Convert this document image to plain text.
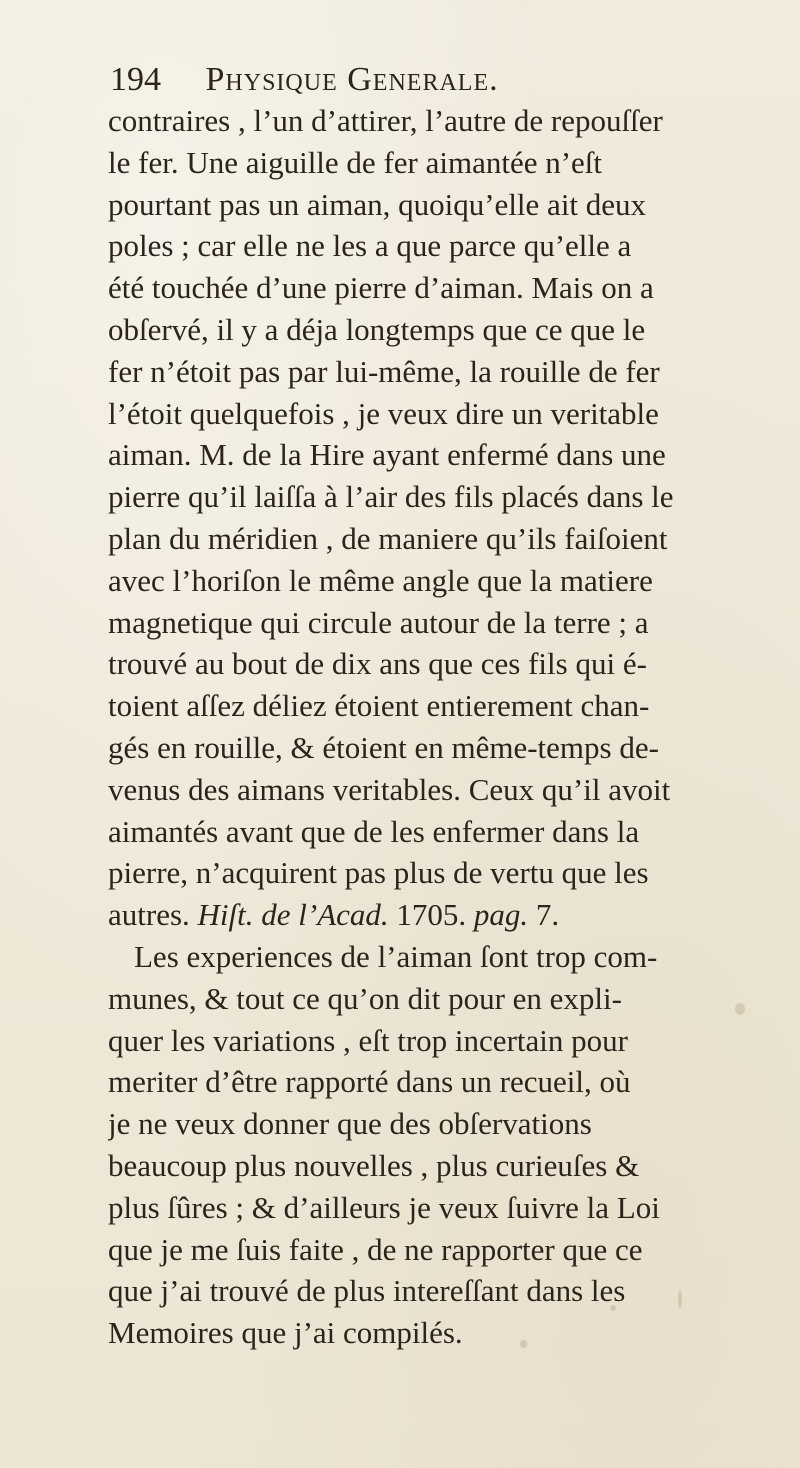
194 Physique Generale.
contraires , l’un d’attirer, l’autre de repouſſer
le fer. Une aiguille de fer aimantée n’eſt
pourtant pas un aiman, quoiqu’elle ait deux
poles ; car elle ne les a que parce qu’elle a
été touchée d’une pierre d’aiman. Mais on a
obſervé, il y a déja longtemps que ce que le
fer n’étoit pas par lui-même, la rouille de fer
l’étoit quelquefois , je veux dire un veritable
aiman. M. de la Hire ayant enfermé dans une
pierre qu’il laiſſa à l’air des fils placés dans le
plan du méridien , de maniere qu’ils faiſoient
avec l’horiſon le même angle que la matiere
magnetique qui circule autour de la terre ; a
trouvé au bout de dix ans que ces fils qui é-
toient aſſez déliez étoient entierement chan-
gés en rouille, & étoient en même-temps de-
venus des aimans veritables. Ceux qu’il avoit
aimantés avant que de les enfermer dans la
pierre, n’acquirent pas plus de vertu que les
autres. Hiſt. de l’Acad. 1705. pag. 7.
Les experiences de l’aiman ſont trop com-
munes, & tout ce qu’on dit pour en expli-
quer les variations , eſt trop incertain pour
meriter d’être rapporté dans un recueil, où
je ne veux donner que des obſervations
beaucoup plus nouvelles , plus curieuſes &
plus ſûres ; & d’ailleurs je veux ſuivre la Loi
que je me ſuis faite , de ne rapporter que ce
que j’ai trouvé de plus intereſſant dans les
Memoires que j’ai compilés.
